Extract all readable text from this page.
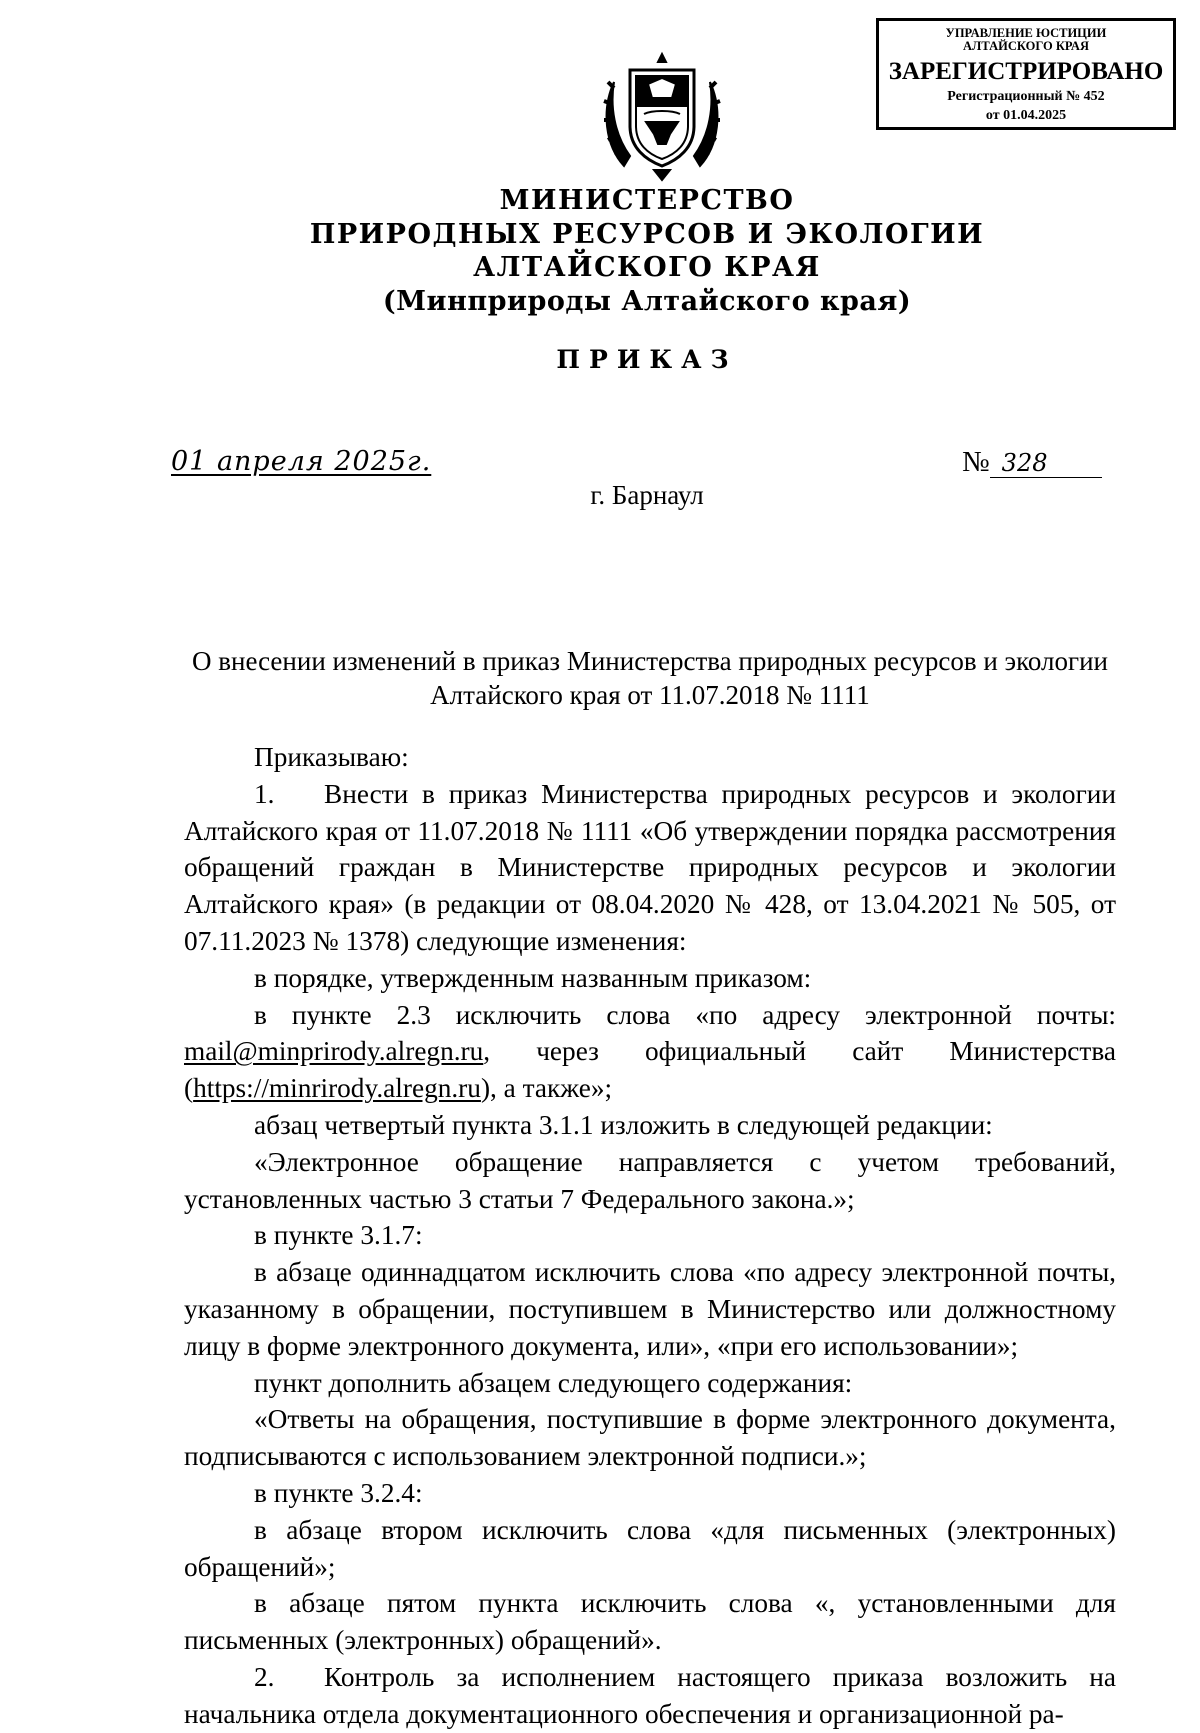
УПРАВЛЕНИЕ ЮСТИЦИИ
АЛТАЙСКОГО КРАЯ
ЗАРЕГИСТРИРОВАНО
Регистрационный № 452
от 01.04.2025
МИНИСТЕРСТВО
ПРИРОДНЫХ РЕСУРСОВ И ЭКОЛОГИИ
АЛТАЙСКОГО КРАЯ
(Минприроды Алтайского края)
ПРИКАЗ
01 апреля 2025г.	№ 328
г. Барнаул
О внесении изменений в приказ Министерства природных ресурсов и экологии Алтайского края от 11.07.2018 № 1111

Приказываю:

1. Внести в приказ Министерства природных ресурсов и экологии Алтайского края от 11.07.2018 № 1111 «Об утверждении порядка рассмотрения обращений граждан в Министерстве природных ресурсов и экологии Алтайского края» (в редакции от 08.04.2020 № 428, от 13.04.2021 № 505, от 07.11.2023 № 1378) следующие изменения:

в порядке, утвержденным названным приказом:

в пункте 2.3 исключить слова «по адресу электронной почты: mail@minprirody.alregn.ru, через официальный сайт Министерства (https://minrirody.alregn.ru), а также»;

абзац четвертый пункта 3.1.1 изложить в следующей редакции:

«Электронное обращение направляется с учетом требований, установленных частью 3 статьи 7 Федерального закона.»;

в пункте 3.1.7:

в абзаце одиннадцатом исключить слова «по адресу электронной почты, указанному в обращении, поступившем в Министерство или должностному лицу в форме электронного документа, или», «при его использовании»;

пункт дополнить абзацем следующего содержания:

«Ответы на обращения, поступившие в форме электронного документа, подписываются с использованием электронной подписи.»;

в пункте 3.2.4:

в абзаце втором исключить слова «для письменных (электронных) обращений»;

в абзаце пятом пункта исключить слова «, установленными для письменных (электронных) обращений».

2. Контроль за исполнением настоящего приказа возложить на начальника отдела документационного обеспечения и организационной ра-
